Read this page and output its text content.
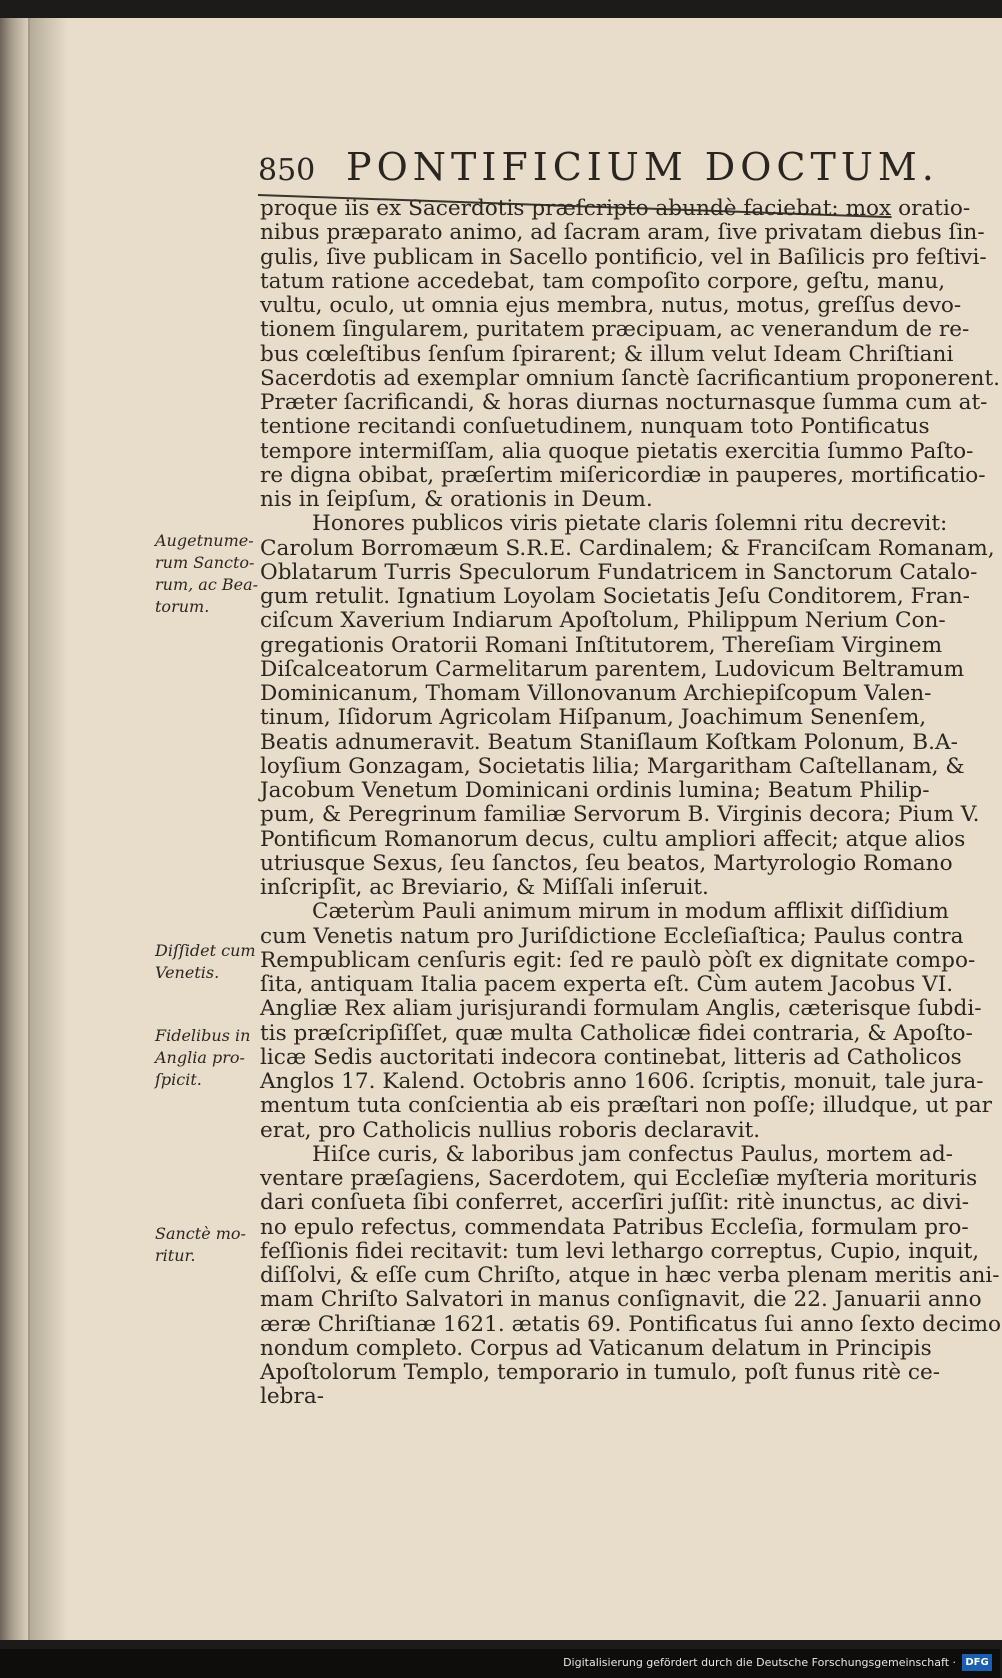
850 PONTIFICIUM DOCTUM.
proque iis ex Sacerdotis præſcripto abundè faciebat: mox oratio-
nibus præparato animo, ad ſacram aram, ſive privatam diebus ſin-
gulis, ſive publicam in Sacello pontificio, vel in Baſilicis pro feſtivi-
tatum ratione accedebat, tam compoſito corpore, geſtu, manu,
vultu, oculo, ut omnia ejus membra, nutus, motus, greſſus devo-
tionem ſingularem, puritatem præcipuam, ac venerandum de re-
bus cœleſtibus ſenſum ſpirarent; & illum velut Ideam Chriſtiani
Sacerdotis ad exemplar omnium ſanctè ſacrificantium proponerent.
Præter ſacrificandi, & horas diurnas nocturnasque ſumma cum at-
tentione recitandi conſuetudinem, nunquam toto Pontificatus
tempore intermiſſam, alia quoque pietatis exercitia ſummo Paſto-
re digna obibat, præſertim miſericordiæ in pauperes, mortificatio-
nis in ſeipſum, & orationis in Deum.
Honores publicos viris pietate claris ſolemni ritu decrevit:
Carolum Borromæum S.R.E. Cardinalem; & Franciſcam Romanam,
Oblatarum Turris Speculorum Fundatricem in Sanctorum Catalo-
gum retulit. Ignatium Loyolam Societatis Jeſu Conditorem, Fran-
ciſcum Xaverium Indiarum Apoſtolum, Philippum Nerium Con-
gregationis Oratorii Romani Inſtitutorem, Thereſiam Virginem
Diſcalceatorum Carmelitarum parentem, Ludovicum Beltramum
Dominicanum, Thomam Villonovanum Archiepiſcopum Valen-
tinum, Iſidorum Agricolam Hiſpanum, Joachimum Senenſem,
Beatis adnumeravit. Beatum Staniſlaum Koſtkam Polonum, B.A-
loyſium Gonzagam, Societatis lilia; Margaritham Caſtellanam, &
Jacobum Venetum Dominicani ordinis lumina; Beatum Philip-
pum, & Peregrinum familiæ Servorum B. Virginis decora; Pium V.
Pontificum Romanorum decus, cultu ampliori affecit; atque alios
utriusque Sexus, ſeu ſanctos, ſeu beatos, Martyrologio Romano
inſcripſit, ac Breviario, & Miſſali inſeruit.
Cæterùm Pauli animum mirum in modum afflixit diſſidium
cum Venetis natum pro Juriſdictione Eccleſiaſtica; Paulus contra
Rempublicam cenſuris egit: ſed re paulò pòſt ex dignitate compo-
ſita, antiquam Italia pacem experta eſt. Cùm autem Jacobus VI.
Angliæ Rex aliam jurisjurandi formulam Anglis, cæterisque ſubdi-
tis præſcripſiſſet, quæ multa Catholicæ fidei contraria, & Apoſto-
licæ Sedis auctoritati indecora continebat, litteris ad Catholicos
Anglos 17. Kalend. Octobris anno 1606. ſcriptis, monuit, tale jura-
mentum tuta conſcientia ab eis præſtari non poſſe; illudque, ut par
erat, pro Catholicis nullius roboris declaravit.
Hiſce curis, & laboribus jam confectus Paulus, mortem ad-
ventare præſagiens, Sacerdotem, qui Eccleſiæ myſteria morituris
dari conſueta ſibi conferret, accerſiri juſſit: ritè inunctus, ac divi-
no epulo refectus, commendata Patribus Eccleſia, formulam pro-
feſſionis fidei recitavit: tum levi lethargo correptus, Cupio, inquit,
diſſolvi, & eſſe cum Chriſto, atque in hæc verba plenam meritis ani-
mam Chriſto Salvatori in manus conſignavit, die 22. Januarii anno
æræ Chriſtianæ 1621. ætatis 69. Pontificatus ſui anno ſexto decimo
nondum completo. Corpus ad Vaticanum delatum in Principis
Apoſtolorum Templo, temporario in tumulo, poſt funus ritè ce-
lebra-
Augetnume-
rum Sancto-
rum, ac Bea-
torum.
Diſſidet cum
Venetis.
Fidelibus in
Anglia pro-
ſpicit.
Sanctè mo-
ritur.
Digitalisierung gefördert durch die Deutsche Forschungsgemeinschaft · DFG
